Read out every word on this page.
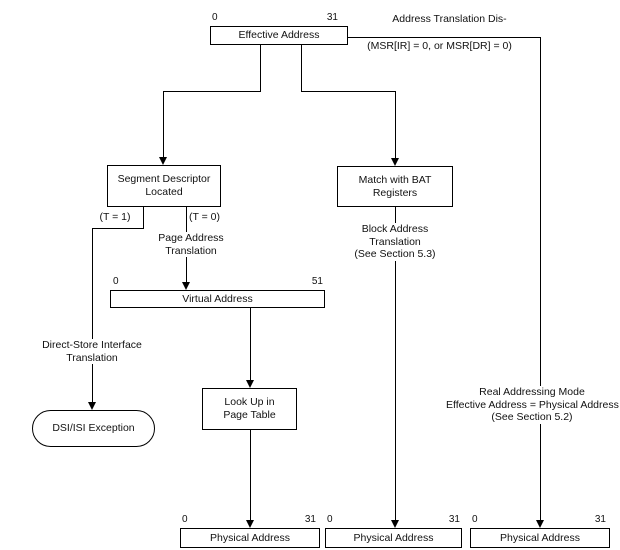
Address Translation Dis-
(MSR[IR] = 0, or MSR[DR] = 0)
(T = 1)	(T = 0)
Page Address
Translation
Block Address
Translation
(See Section 5.3)
Direct-Store Interface
Translation
Real Addressing Mode
Effective Address = Physical Address
(See Section 5.2)
0	31
0	51
0	31 0	31 0	31
Effective Address
Segment Descriptor
Located
Match with BAT
Registers
Virtual Address
Look Up in
Page Table
DSI/ISI Exception
Physical Address	Physical Address	Physical Address
